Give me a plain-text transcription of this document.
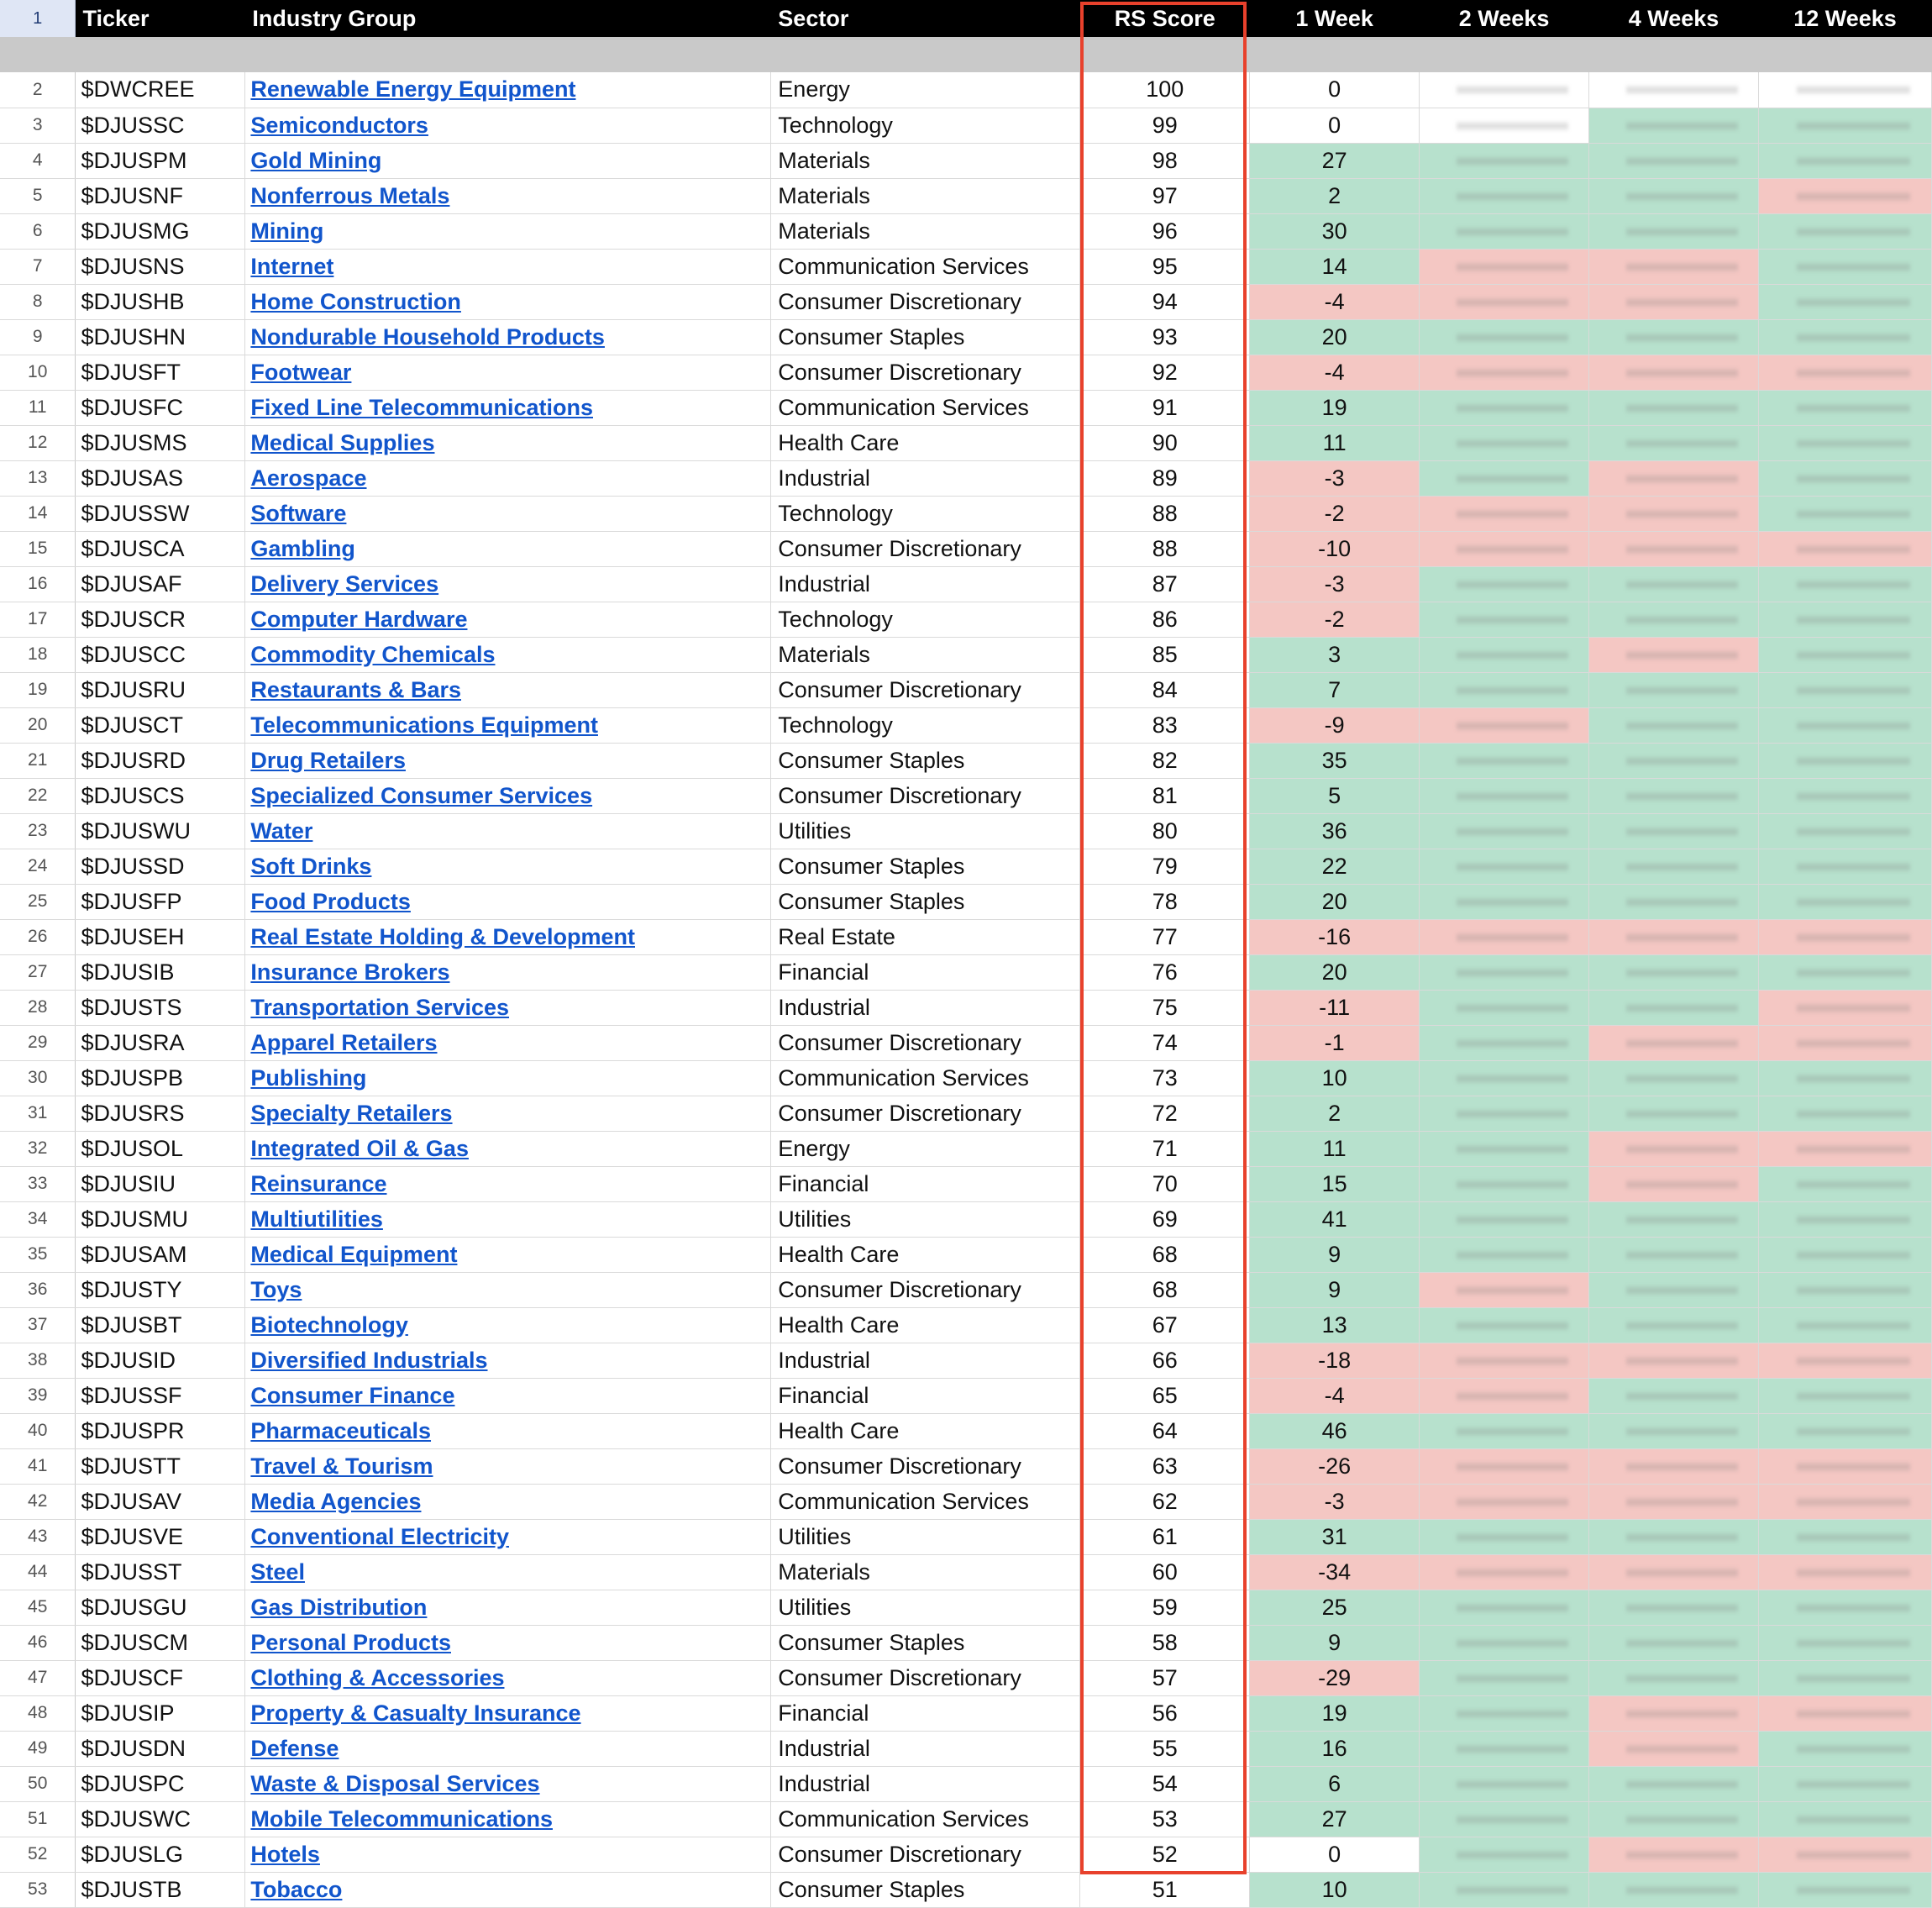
1	Ticker	Industry Group	Sector	RS Score	1 Week	2 Weeks	4 Weeks	12 Weeks

2	$DWCREE	Renewable Energy Equipment	Energy	100	0	

3	$DJUSSC	Semiconductors	Technology	99	0	

4	$DJUSPM	Gold Mining	Materials	98	27	

5	$DJUSNF	Nonferrous Metals	Materials	97	2	

6	$DJUSMG	Mining	Materials	96	30	

7	$DJUSNS	Internet	Communication Services	95	14	

8	$DJUSHB	Home Construction	Consumer Discretionary	94	-4	

9	$DJUSHN	Nondurable Household Products	Consumer Staples	93	20	

10	$DJUSFT	Footwear	Consumer Discretionary	92	-4	

11	$DJUSFC	Fixed Line Telecommunications	Communication Services	91	19	

12	$DJUSMS	Medical Supplies	Health Care	90	11	

13	$DJUSAS	Aerospace	Industrial	89	-3	

14	$DJUSSW	Software	Technology	88	-2	

15	$DJUSCA	Gambling	Consumer Discretionary	88	-10	

16	$DJUSAF	Delivery Services	Industrial	87	-3	

17	$DJUSCR	Computer Hardware	Technology	86	-2	

18	$DJUSCC	Commodity Chemicals	Materials	85	3	

19	$DJUSRU	Restaurants & Bars	Consumer Discretionary	84	7	

20	$DJUSCT	Telecommunications Equipment	Technology	83	-9	

21	$DJUSRD	Drug Retailers	Consumer Staples	82	35	

22	$DJUSCS	Specialized Consumer Services	Consumer Discretionary	81	5	

23	$DJUSWU	Water	Utilities	80	36	

24	$DJUSSD	Soft Drinks	Consumer Staples	79	22	

25	$DJUSFP	Food Products	Consumer Staples	78	20	

26	$DJUSEH	Real Estate Holding & Development	Real Estate	77	-16	

27	$DJUSIB	Insurance Brokers	Financial	76	20	

28	$DJUSTS	Transportation Services	Industrial	75	-11	

29	$DJUSRA	Apparel Retailers	Consumer Discretionary	74	-1	

30	$DJUSPB	Publishing	Communication Services	73	10	

31	$DJUSRS	Specialty Retailers	Consumer Discretionary	72	2	

32	$DJUSOL	Integrated Oil & Gas	Energy	71	11	

33	$DJUSIU	Reinsurance	Financial	70	15	

34	$DJUSMU	Multiutilities	Utilities	69	41	

35	$DJUSAM	Medical Equipment	Health Care	68	9	

36	$DJUSTY	Toys	Consumer Discretionary	68	9	

37	$DJUSBT	Biotechnology	Health Care	67	13	

38	$DJUSID	Diversified Industrials	Industrial	66	-18	

39	$DJUSSF	Consumer Finance	Financial	65	-4	

40	$DJUSPR	Pharmaceuticals	Health Care	64	46	

41	$DJUSTT	Travel & Tourism	Consumer Discretionary	63	-26	

42	$DJUSAV	Media Agencies	Communication Services	62	-3	

43	$DJUSVE	Conventional Electricity	Utilities	61	31	

44	$DJUSST	Steel	Materials	60	-34	

45	$DJUSGU	Gas Distribution	Utilities	59	25	

46	$DJUSCM	Personal Products	Consumer Staples	58	9	

47	$DJUSCF	Clothing & Accessories	Consumer Discretionary	57	-29	

48	$DJUSIP	Property & Casualty Insurance	Financial	56	19	

49	$DJUSDN	Defense	Industrial	55	16	

50	$DJUSPC	Waste & Disposal Services	Industrial	54	6	

51	$DJUSWC	Mobile Telecommunications	Communication Services	53	27	

52	$DJUSLG	Hotels	Consumer Discretionary	52	0	

53	$DJUSTB	Tobacco	Consumer Staples	51	10	
